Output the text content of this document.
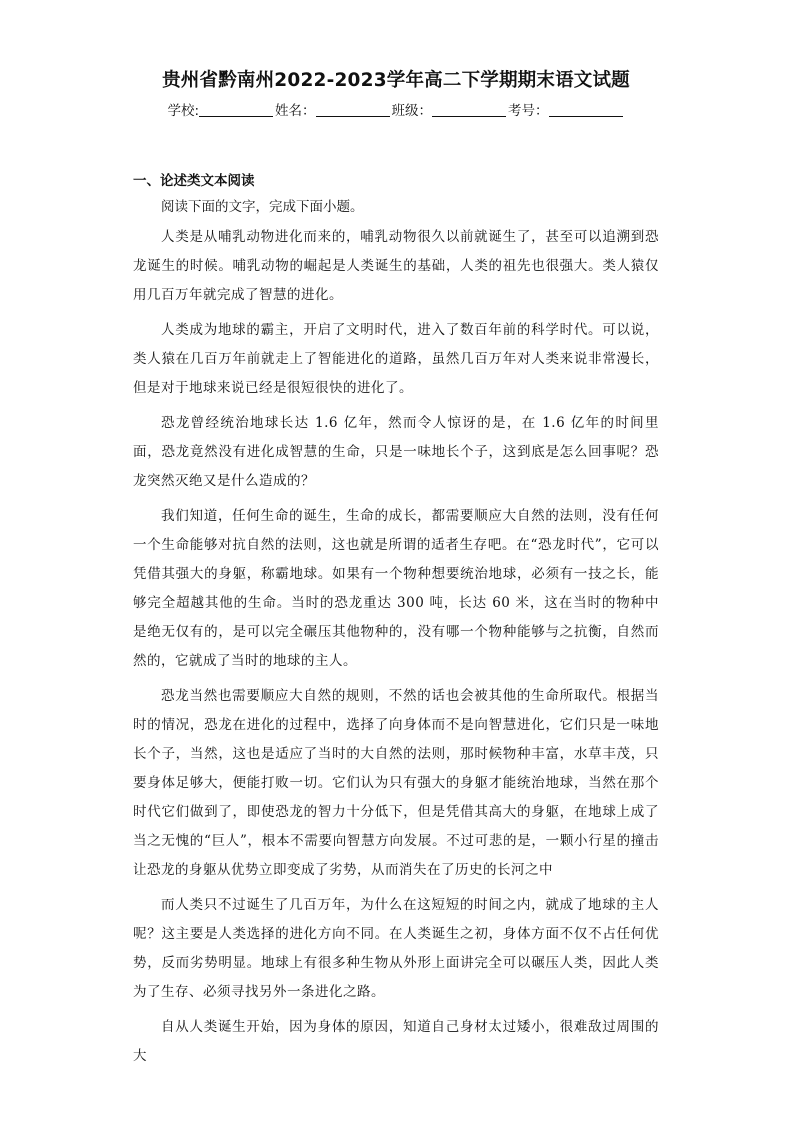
贵州省黔南州2022-2023学年高二下学期期末语文试题
学校:	姓名：	班级：	考号：
一、论述类文本阅读
阅读下面的文字，完成下面小题。

人类是从哺乳动物进化而来的，哺乳动物很久以前就诞生了，甚至可以追溯到恐龙诞生的时候。哺乳动物的崛起是人类诞生的基础，人类的祖先也很强大。类人猿仅用几百万年就完成了智慧的进化。

人类成为地球的霸主，开启了文明时代，进入了数百年前的科学时代。可以说，类人猿在几百万年前就走上了智能进化的道路，虽然几百万年对人类来说非常漫长，但是对于地球来说已经是很短很快的进化了。

恐龙曾经统治地球长达 1.6 亿年，然而令人惊讶的是，在 1.6 亿年的时间里面，恐龙竟然没有进化成智慧的生命，只是一味地长个子，这到底是怎么回事呢？恐龙突然灭绝又是什么造成的？

我们知道，任何生命的诞生，生命的成长，都需要顺应大自然的法则，没有任何一个生命能够对抗自然的法则，这也就是所谓的适者生存吧。在“恐龙时代”，它可以凭借其强大的身躯，称霸地球。如果有一个物种想要统治地球，必须有一技之长，能够完全超越其他的生命。当时的恐龙重达 300 吨，长达 60 米，这在当时的物种中是绝无仅有的，是可以完全碾压其他物种的，没有哪一个物种能够与之抗衡，自然而然的，它就成了当时的地球的主人。

恐龙当然也需要顺应大自然的规则，不然的话也会被其他的生命所取代。根据当时的情况，恐龙在进化的过程中，选择了向身体而不是向智慧进化，它们只是一味地长个子，当然，这也是适应了当时的大自然的法则，那时候物种丰富，水草丰茂，只要身体足够大，便能打败一切。它们认为只有强大的身躯才能统治地球，当然在那个时代它们做到了，即使恐龙的智力十分低下，但是凭借其高大的身躯，在地球上成了当之无愧的“巨人”，根本不需要向智慧方向发展。不过可悲的是，一颗小行星的撞击让恐龙的身躯从优势立即变成了劣势，从而消失在了历史的长河之中

而人类只不过诞生了几百万年，为什么在这短短的时间之内，就成了地球的主人呢？这主要是人类选择的进化方向不同。在人类诞生之初，身体方面不仅不占任何优势，反而劣势明显。地球上有很多种生物从外形上面讲完全可以碾压人类，因此人类为了生存、必须寻找另外一条进化之路。

自从人类诞生开始，因为身体的原因，知道自己身材太过矮小，很难敌过周围的大
